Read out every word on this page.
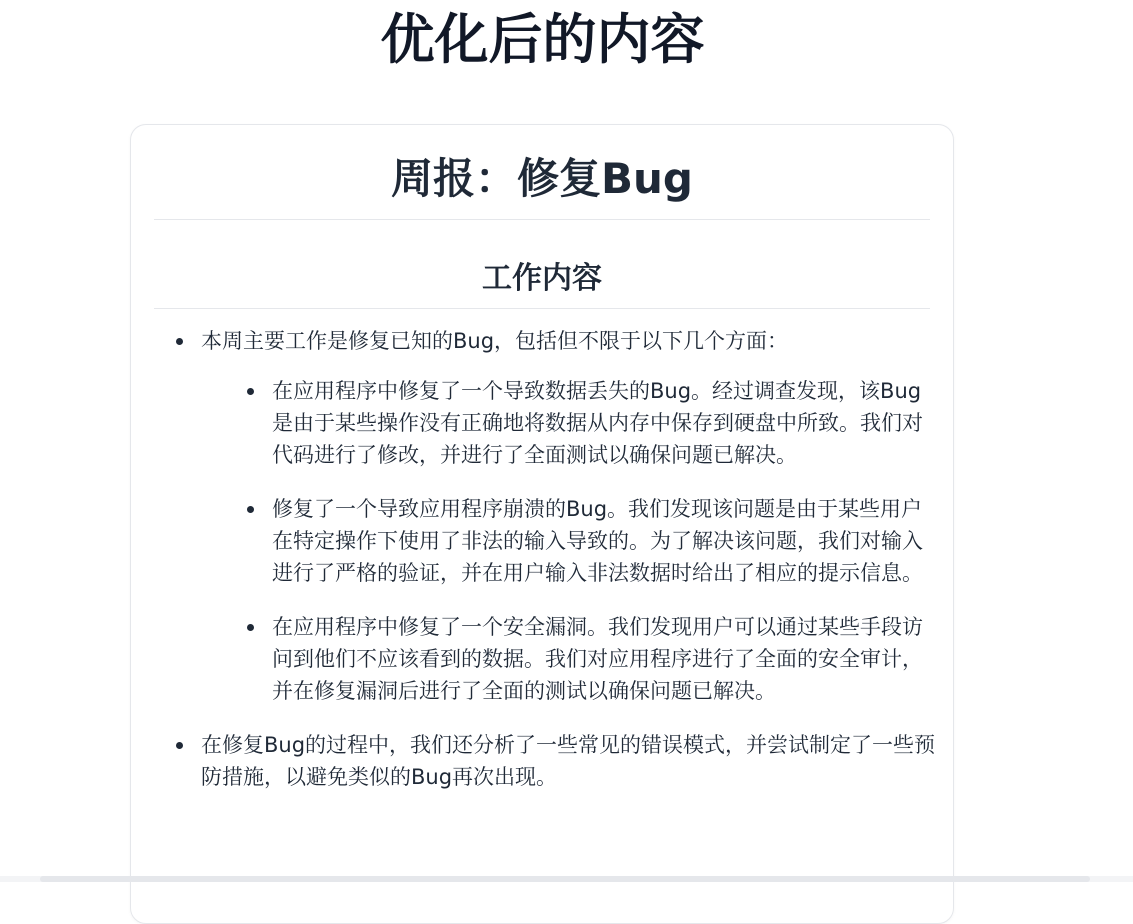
优化后的内容
周报：修复Bug
工作内容
本周主要工作是修复已知的Bug，包括但不限于以下几个方面：
在应用程序中修复了一个导致数据丢失的Bug。经过调查发现，该Bug是由于某些操作没有正确地将数据从内存中保存到硬盘中所致。我们对代码进行了修改，并进行了全面测试以确保问题已解决。
修复了一个导致应用程序崩溃的Bug。我们发现该问题是由于某些用户在特定操作下使用了非法的输入导致的。为了解决该问题，我们对输入进行了严格的验证，并在用户输入非法数据时给出了相应的提示信息。
在应用程序中修复了一个安全漏洞。我们发现用户可以通过某些手段访问到他们不应该看到的数据。我们对应用程序进行了全面的安全审计，并在修复漏洞后进行了全面的测试以确保问题已解决。
在修复Bug的过程中，我们还分析了一些常见的错误模式，并尝试制定了一些预防措施，以避免类似的Bug再次出现。
